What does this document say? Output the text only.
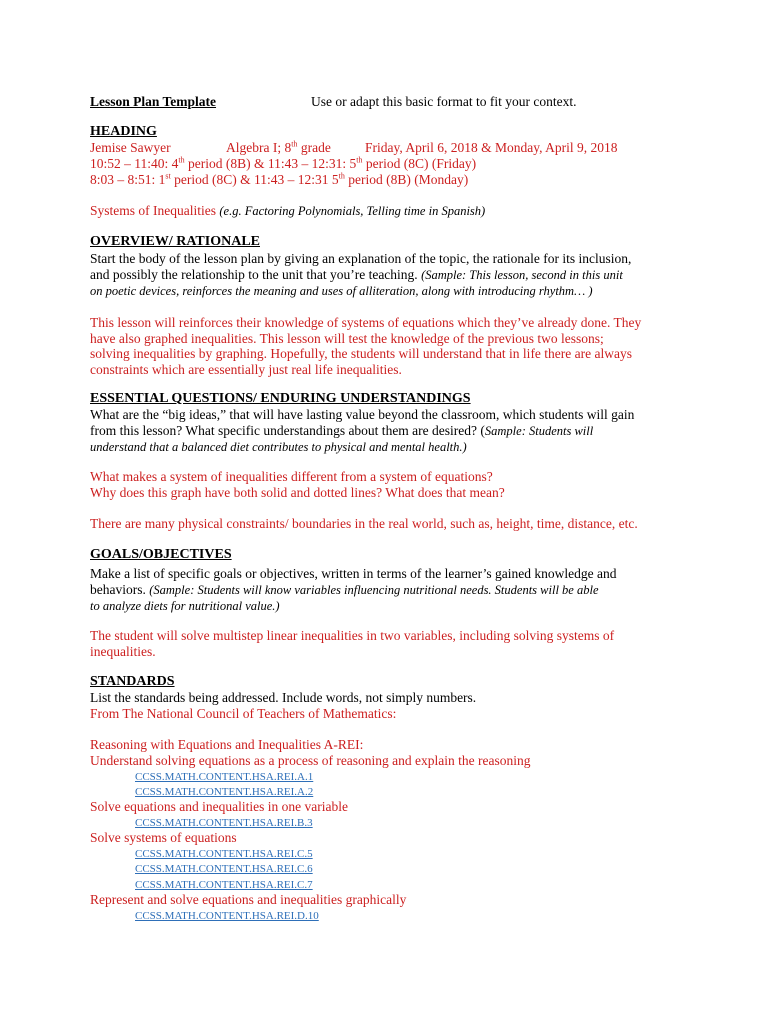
Lesson Plan Template	Use or adapt this basic format to fit your context.
HEADING
Jemise Sawyer	Algebra I; 8th grade	Friday, April 6, 2018 & Monday, April 9, 2018
10:52 – 11:40: 4th period (8B) & 11:43 – 12:31: 5th period (8C) (Friday)
8:03 – 8:51: 1st period (8C) & 11:43 – 12:31 5th period (8B) (Monday)
Systems of Inequalities (e.g. Factoring Polynomials, Telling time in Spanish)
OVERVIEW/ RATIONALE
Start the body of the lesson plan by giving an explanation of the topic, the rationale for its inclusion,
and possibly the relationship to the unit that you’re teaching. (Sample: This lesson, second in this unit
on poetic devices, reinforces the meaning and uses of alliteration, along with introducing rhythm… )
This lesson will reinforces their knowledge of systems of equations which they’ve already done. They
have also graphed inequalities. This lesson will test the knowledge of the previous two lessons;
solving inequalities by graphing. Hopefully, the students will understand that in life there are always
constraints which are essentially just real life inequalities.
ESSENTIAL QUESTIONS/ ENDURING UNDERSTANDINGS
What are the “big ideas,” that will have lasting value beyond the classroom, which students will gain
from this lesson? What specific understandings about them are desired? (Sample: Students will
understand that a balanced diet contributes to physical and mental health.)
What makes a system of inequalities different from a system of equations?
Why does this graph have both solid and dotted lines? What does that mean?
There are many physical constraints/ boundaries in the real world, such as, height, time, distance, etc.
GOALS/OBJECTIVES
Make a list of specific goals or objectives, written in terms of the learner’s gained knowledge and
behaviors. (Sample: Students will know variables influencing nutritional needs. Students will be able
to analyze diets for nutritional value.)
The student will solve multistep linear inequalities in two variables, including solving systems of
inequalities.
STANDARDS
List the standards being addressed. Include words, not simply numbers.
From The National Council of Teachers of Mathematics:
Reasoning with Equations and Inequalities A-REI:
Understand solving equations as a process of reasoning and explain the reasoning
CCSS.MATH.CONTENT.HSA.REI.A.1
CCSS.MATH.CONTENT.HSA.REI.A.2
Solve equations and inequalities in one variable
CCSS.MATH.CONTENT.HSA.REI.B.3
Solve systems of equations
CCSS.MATH.CONTENT.HSA.REI.C.5
CCSS.MATH.CONTENT.HSA.REI.C.6
CCSS.MATH.CONTENT.HSA.REI.C.7
Represent and solve equations and inequalities graphically
CCSS.MATH.CONTENT.HSA.REI.D.10
